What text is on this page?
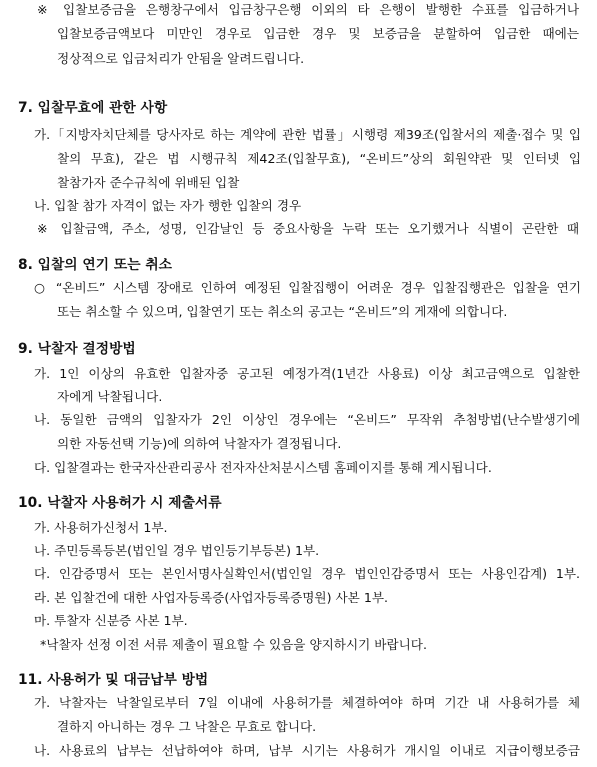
※ 입찰보증금을 은행창구에서 입금창구은행 이외의 타 은행이 발행한 수표를 입금하거나
입찰보증금액보다 미만인 경우로 입금한 경우 및 보증금을 분할하여 입금한 때에는
정상적으로 입금처리가 안됨을 알려드립니다.
7. 입찰무효에 관한 사항
가.「지방자치단체를 당사자로 하는 계약에 관한 법률」시행령 제39조(입찰서의 제출·접수 및 입
찰의 무효), 같은 법 시행규칙 제42조(입찰무효), “온비드”상의 회원약관 및 인터넷 입
찰참가자 준수규칙에 위배된 입찰
나. 입찰 참가 자격이 없는 자가 행한 입찰의 경우
※ 입찰금액, 주소, 성명, 인감날인 등 중요사항을 누락 또는 오기했거나 식별이 곤란한 때
8. 입찰의 연기 또는 취소
○ “온비드” 시스템 장애로 인하여 예정된 입찰집행이 어려운 경우 입찰집행관은 입찰을 연기
또는 취소할 수 있으며, 입찰연기 또는 취소의 공고는 “온비드”의 게재에 의합니다.
9. 낙찰자 결정방법
가. 1인 이상의 유효한 입찰자중 공고된 예정가격(1년간 사용료) 이상 최고금액으로 입찰한
자에게 낙찰됩니다.
나. 동일한 금액의 입찰자가 2인 이상인 경우에는 “온비드” 무작위 추첨방법(난수발생기에
의한 자동선택 기능)에 의하여 낙찰자가 결정됩니다.
다. 입찰결과는 한국자산관리공사 전자자산처분시스템 홈페이지를 통해 게시됩니다.
10. 낙찰자 사용허가 시 제출서류
가. 사용허가신청서 1부.
나. 주민등록등본(법인일 경우 법인등기부등본) 1부.
다. 인감증명서 또는 본인서명사실확인서(법인일 경우 법인인감증명서 또는 사용인감계) 1부.
라. 본 입찰건에 대한 사업자등록증(사업자등록증명원) 사본 1부.
마. 투찰자 신분증 사본 1부.
*낙찰자 선정 이전 서류 제출이 필요할 수 있음을 양지하시기 바랍니다.
11. 사용허가 및 대금납부 방법
가. 낙찰자는 낙찰일로부터 7일 이내에 사용허가를 체결하여야 하며 기간 내 사용허가를 체
결하지 아니하는 경우 그 낙찰은 무효로 합니다.
나. 사용료의 납부는 선납하여야 하며, 납부 시기는 사용허가 개시일 이내로 지급이행보증금
